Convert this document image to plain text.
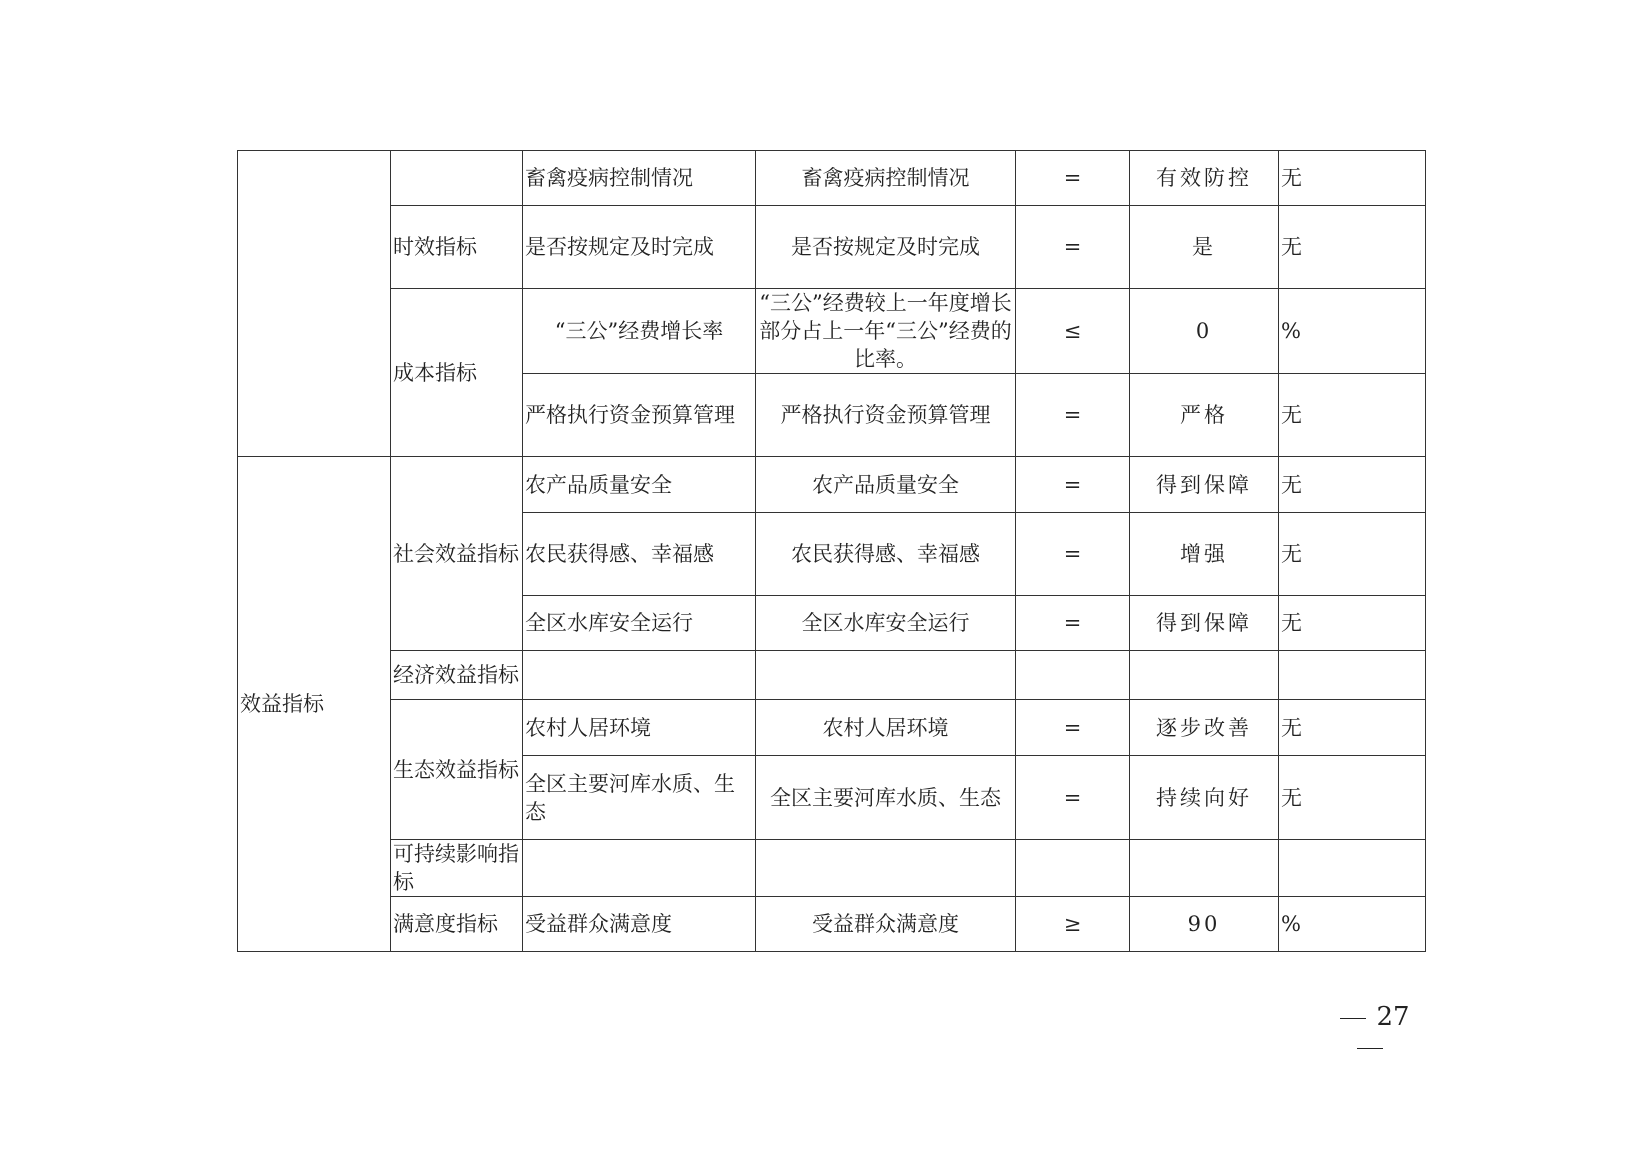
		畜禽疫病控制情况	畜禽疫病控制情况	=	有效防控	无
	时效指标	是否按规定及时完成	是否按规定及时完成	=	是	无
	成本指标	“三公”经费增长率	“三公”经费较上一年度增长部分占上一年“三公”经费的比率。	≤	0	%
		严格执行资金预算管理	严格执行资金预算管理	=	严格	无
效益指标	社会效益指标	农产品质量安全	农产品质量安全	=	得到保障	无
		农民获得感、幸福感	农民获得感、幸福感	=	增强	无
		全区水库安全运行	全区水库安全运行	=	得到保障	无
	经济效益指标					
	生态效益指标	农村人居环境	农村人居环境	=	逐步改善	无
		全区主要河库水质、生态	全区主要河库水质、生态	=	持续向好	无
	可持续影响指标					
	满意度指标	受益群众满意度	受益群众满意度	≥	90	%
27
